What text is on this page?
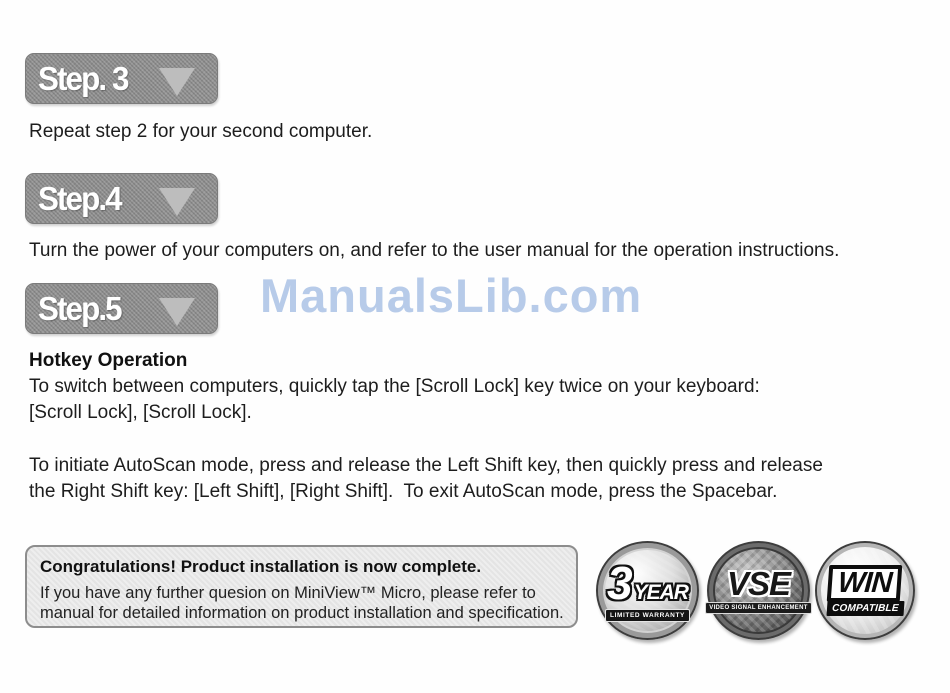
Step. 3
Repeat step 2 for your second computer.
Step.4
Turn the power of your computers on, and refer to the user manual for the operation instructions.
Step.5	ManualsLib.com
Hotkey Operation
To switch between computers, quickly tap the [Scroll Lock] key twice on your keyboard:
[Scroll Lock], [Scroll Lock].
To initiate AutoScan mode, press and release the Left Shift key, then quickly press and release
the Right Shift key: [Left Shift], [Right Shift].  To exit AutoScan mode, press the Spacebar.
Congratulations! Product installation is now complete.
If you have any further quesion on MiniView™ Micro, please refer to
manual for detailed information on product installation and specification.
3 YEAR
LIMITED WARRANTY
VSE
VIDEO SIGNAL ENHANCEMENT
WIN
COMPATIBLE
